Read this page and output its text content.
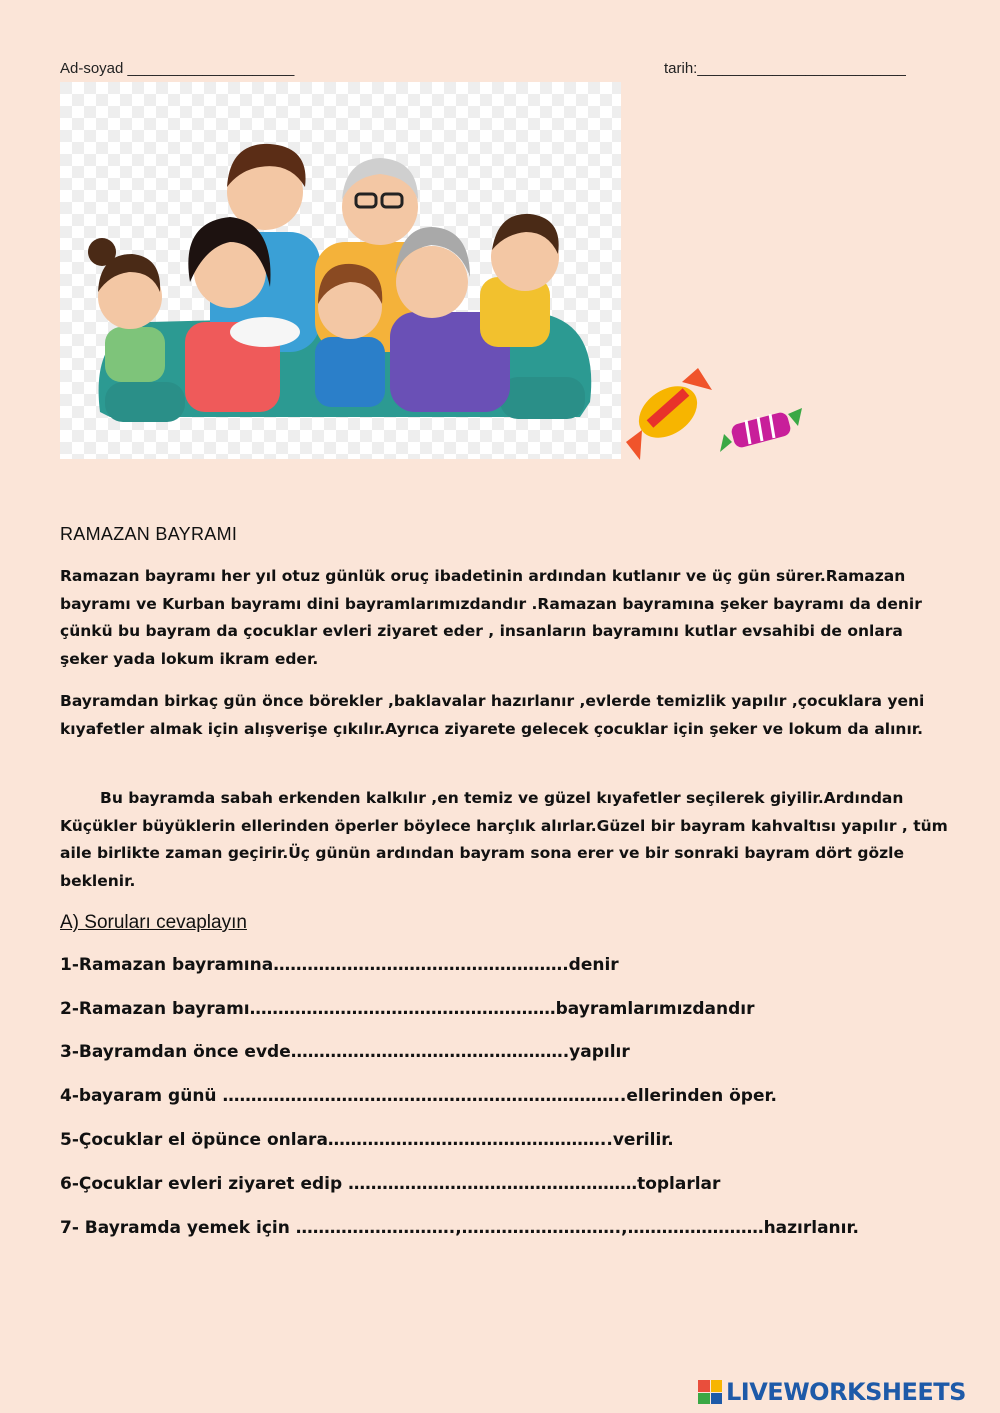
Ad-soyad ____________________	tarih:_________________________
RAMAZAN BAYRAMI

Ramazan bayramı her yıl otuz günlük oruç ibadetinin ardından kutlanır ve üç gün sürer.Ramazan bayramı ve Kurban bayramı dini bayramlarımızdandır .Ramazan bayramına şeker bayramı da denir çünkü bu bayram da çocuklar evleri ziyaret eder , insanların bayramını kutlar evsahibi de onlara şeker yada lokum ikram eder.

Bayramdan birkaç gün önce börekler ,baklavalar hazırlanır ,evlerde temizlik yapılır ,çocuklara yeni kıyafetler almak için alışverişe çıkılır.Ayrıca ziyarete gelecek çocuklar için şeker ve lokum da alınır.

Bu bayramda sabah erkenden kalkılır ,en temiz ve güzel kıyafetler seçilerek giyilir.Ardından Küçükler büyüklerin ellerinden öperler böylece harçlık alırlar.Güzel bir bayram kahvaltısı yapılır , tüm aile birlikte zaman geçirir.Üç günün ardından bayram sona erer ve bir sonraki bayram dört gözle beklenir.

A) Soruları cevaplayın
1-Ramazan bayramına…………………………………………….denir
2-Ramazan bayramı………………………………………………bayramlarımızdandır
3-Bayramdan önce evde………………………………………….yapılır
4-bayaram günü ……………………………………………………………..ellerinden öper.
5-Çocuklar el öpünce onlara…………………………………………..verilir.
6-Çocuklar evleri ziyaret edip ……………………………………………toplarlar
7- Bayramda yemek için ……………………….,……………………….,……………………hazırlanır.
LIVEWORKSHEETS
